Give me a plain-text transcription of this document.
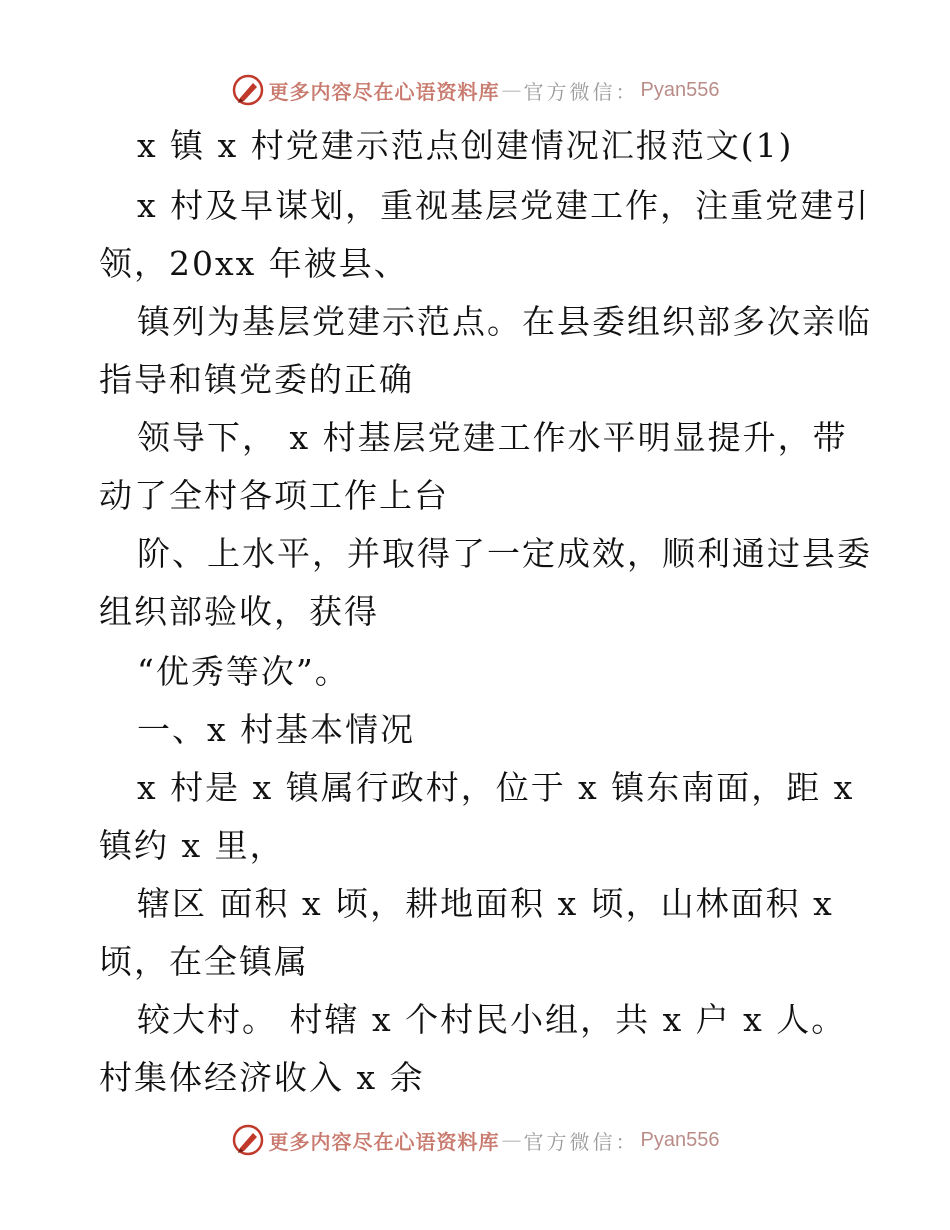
更多内容尽在心语资料库 — 官方微信： Pyan556
x 镇 x 村党建示范点创建情况汇报范文(1)
x 村及早谋划，重视基层党建工作，注重党建引
领，20xx 年被县、
镇列为基层党建示范点。在县委组织部多次亲临
指导和镇党委的正确
领导下， x 村基层党建工作水平明显提升，带
动了全村各项工作上台
阶、上水平，并取得了一定成效，顺利通过县委
组织部验收，获得
“优秀等次”。
一、x 村基本情况
x 村是 x 镇属行政村，位于 x 镇东南面，距 x
镇约 x 里，
辖区 面积 x 顷，耕地面积 x 顷，山林面积 x
顷，在全镇属
较大村。 村辖 x 个村民小组，共 x 户 x 人。
村集体经济收入 x 余
更多内容尽在心语资料库 — 官方微信： Pyan556
